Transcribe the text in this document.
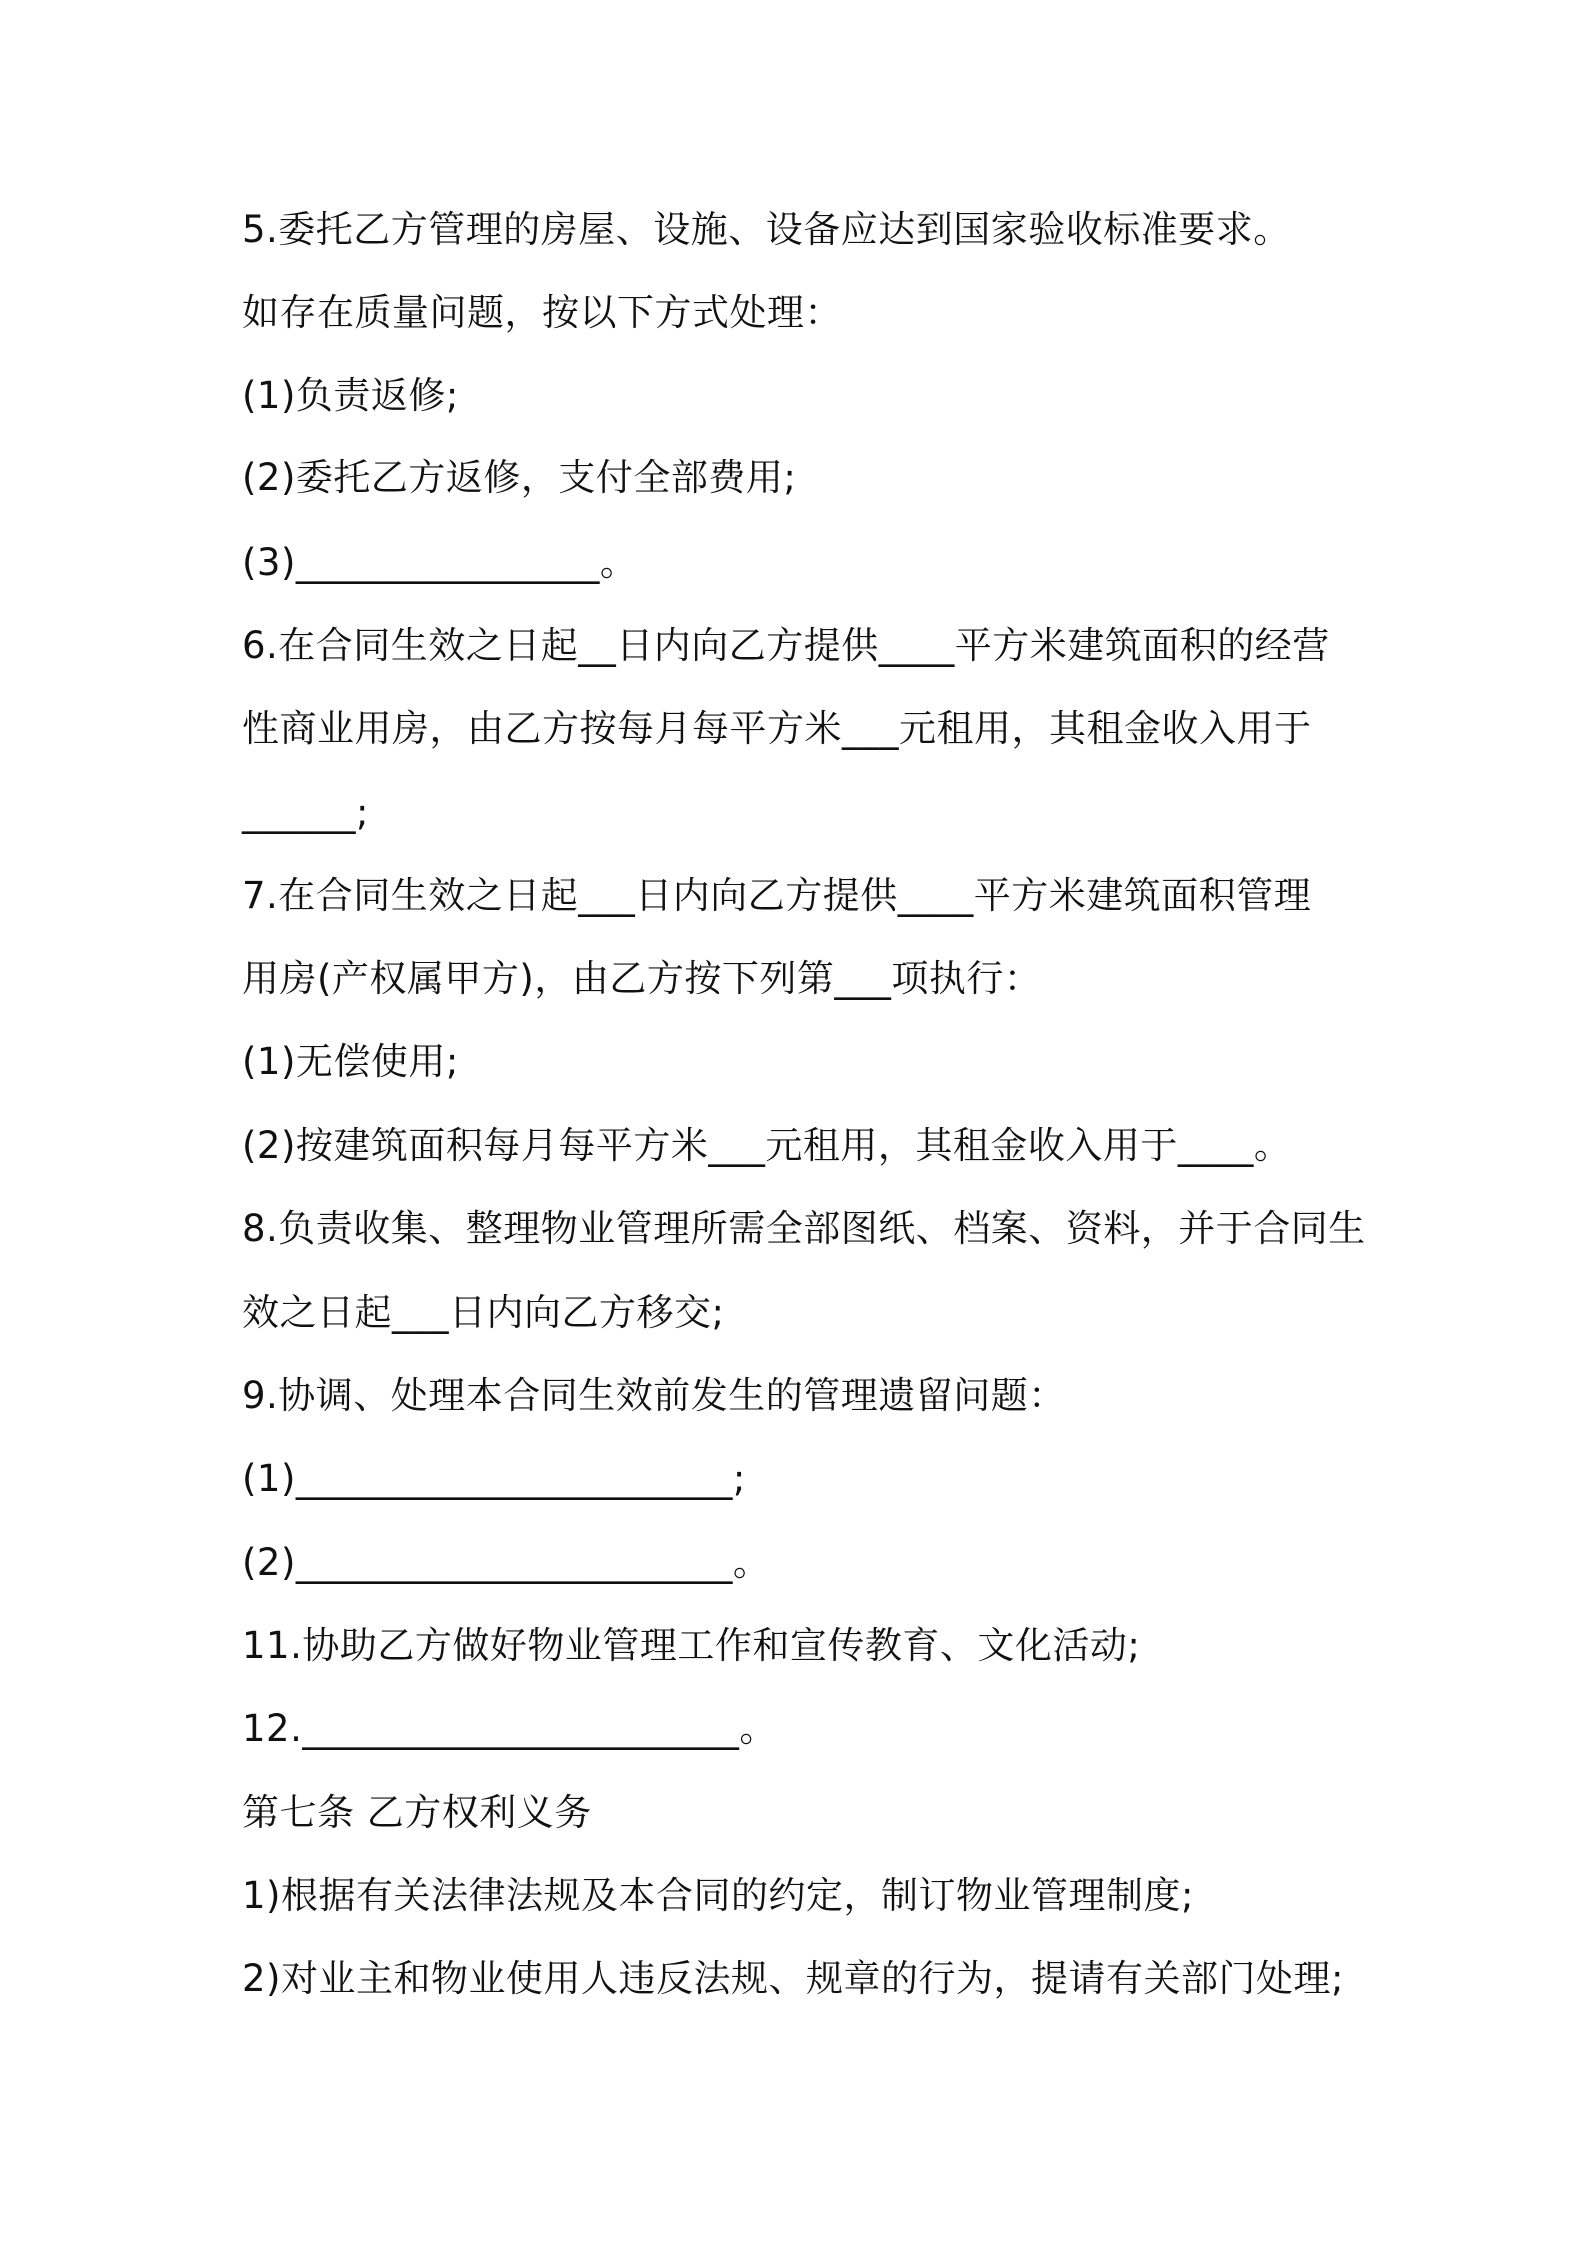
5.委托乙方管理的房屋、设施、设备应达到国家验收标准要求。
如存在质量问题，按以下方式处理：
(1)负责返修;
(2)委托乙方返修，支付全部费用;
(3)________________。
6.在合同生效之日起__日内向乙方提供____平方米建筑面积的经营
性商业用房，由乙方按每月每平方米___元租用，其租金收入用于
______;
7.在合同生效之日起___日内向乙方提供____平方米建筑面积管理
用房(产权属甲方)，由乙方按下列第___项执行：
(1)无偿使用;
(2)按建筑面积每月每平方米___元租用，其租金收入用于____。
8.负责收集、整理物业管理所需全部图纸、档案、资料，并于合同生
效之日起___日内向乙方移交;
9.协调、处理本合同生效前发生的管理遗留问题：
(1)_______________________;
(2)_______________________。
11.协助乙方做好物业管理工作和宣传教育、文化活动;
12._______________________。
第七条 乙方权利义务
1)根据有关法律法规及本合同的约定，制订物业管理制度;
2)对业主和物业使用人违反法规、规章的行为，提请有关部门处理;
